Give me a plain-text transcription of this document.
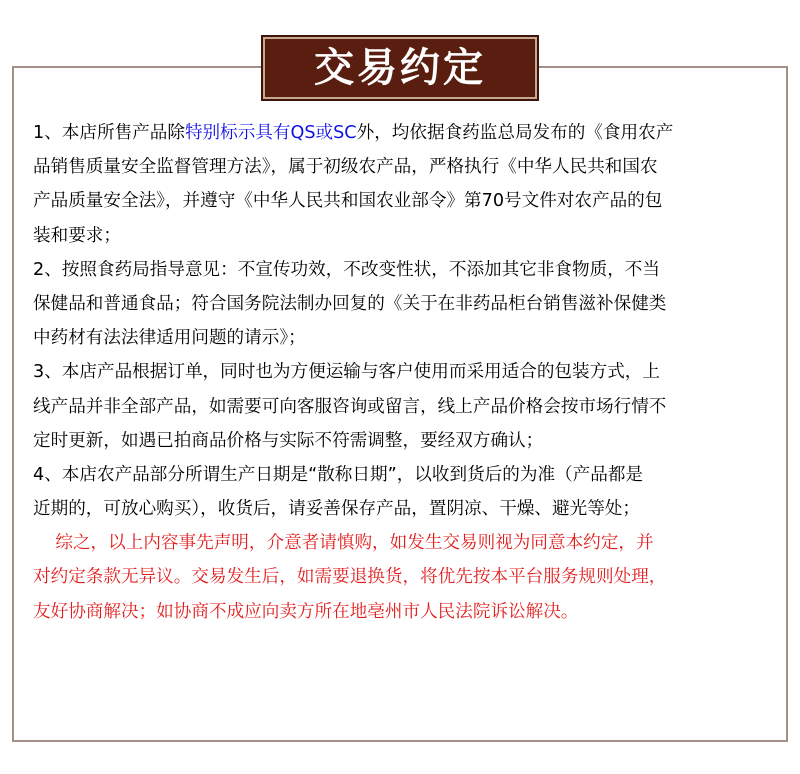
交易约定
1、本店所售产品除特别标示具有QS或SC外，均依据食药监总局发布的《食用农产
品销售质量安全监督管理方法》，属于初级农产品，严格执行《中华人民共和国农
产品质量安全法》，并遵守《中华人民共和国农业部令》第70号文件对农产品的包
装和要求；
2、按照食药局指导意见：不宣传功效，不改变性状，不添加其它非食物质，不当
保健品和普通食品；符合国务院法制办回复的《关于在非药品柜台销售滋补保健类
中药材有法法律适用问题的请示》；
3、本店产品根据订单，同时也为方便运输与客户使用而采用适合的包装方式，上
线产品并非全部产品，如需要可向客服咨询或留言，线上产品价格会按市场行情不
定时更新，如遇已拍商品价格与实际不符需调整，要经双方确认；
4、本店农产品部分所谓生产日期是“散称日期”，以收到货后的为准（产品都是
近期的，可放心购买），收货后，请妥善保存产品，置阴凉、干燥、避光等处；
综之，以上内容事先声明，介意者请慎购，如发生交易则视为同意本约定，并
对约定条款无异议。交易发生后，如需要退换货，将优先按本平台服务规则处理，
友好协商解决；如协商不成应向卖方所在地亳州市人民法院诉讼解决。
